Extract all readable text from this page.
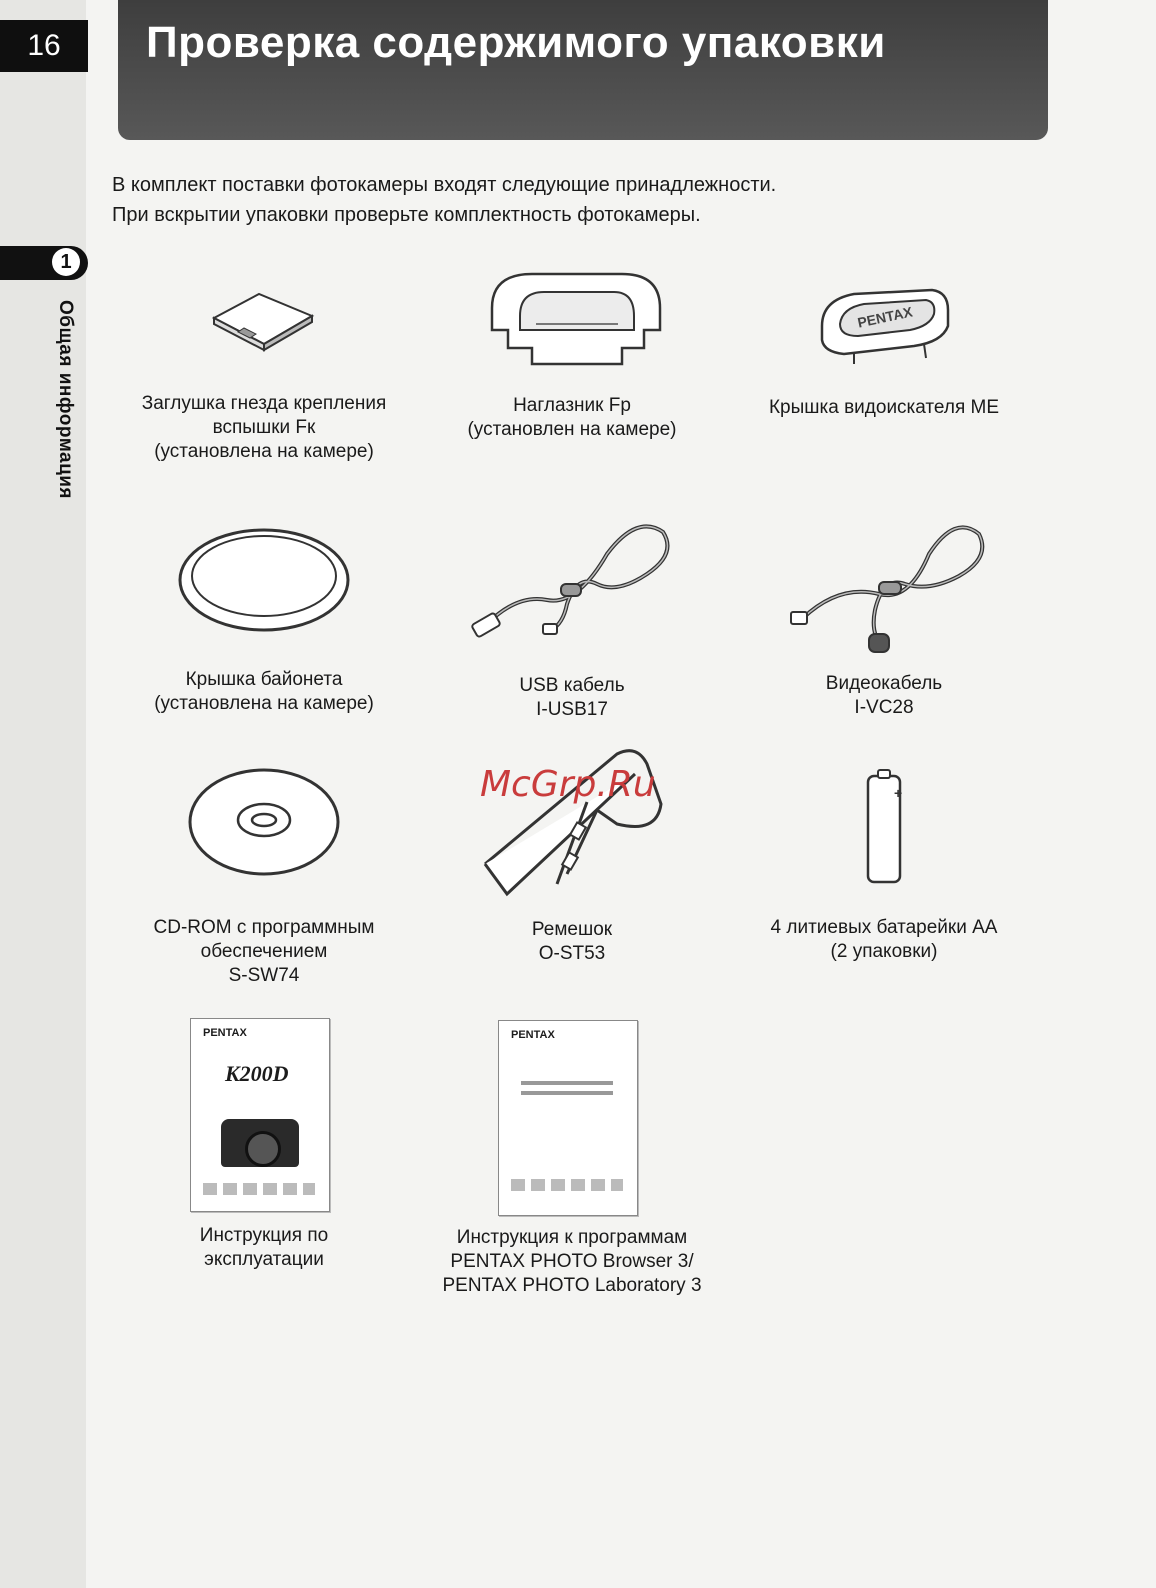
16
1
Общая информация
Проверка содержимого упаковки

В комплект поставки фотокамеры входят следующие принадлежности.

При вскрытии упаковки проверьте комплектность фотокамеры.

Заглушка гнезда крепления
вспышки Fк
(установлена на камере)
Наглазник Fp
(установлен на камере)
PENTAX
Крышка видоискателя ME
Крышка байонета
(установлена на камере)
USB кабель
I-USB17
Видеокабель
I-VC28
CD-ROM с программным
обеспечением
S-SW74
Ремешок
O-ST53
+
4 литиевых батарейки АА
(2 упаковки)
McGrp.Ru
PENTAX
K200D
Инструкция по
эксплуатации
PENTAX
Инструкция к программам
PENTAX PHOTO Browser 3/
PENTAX PHOTO Laboratory 3
